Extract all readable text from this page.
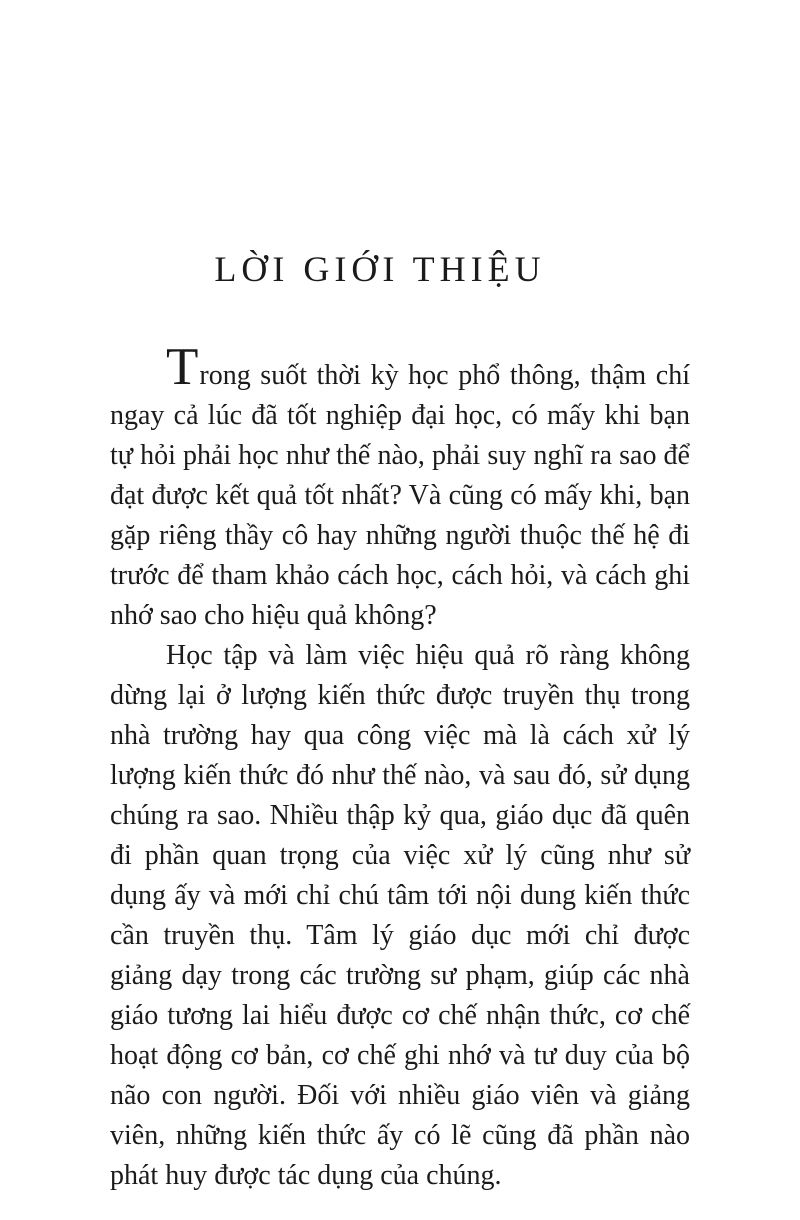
LỜI GIỚI THIỆU

Trong suốt thời kỳ học phổ thông, thậm chí ngay cả lúc đã tốt nghiệp đại học, có mấy khi bạn tự hỏi phải học như thế nào, phải suy nghĩ ra sao để đạt được kết quả tốt nhất? Và cũng có mấy khi, bạn gặp riêng thầy cô hay những người thuộc thế hệ đi trước để tham khảo cách học, cách hỏi, và cách ghi nhớ sao cho hiệu quả không?

Học tập và làm việc hiệu quả rõ ràng không dừng lại ở lượng kiến thức được truyền thụ trong nhà trường hay qua công việc mà là cách xử lý lượng kiến thức đó như thế nào, và sau đó, sử dụng chúng ra sao. Nhiều thập kỷ qua, giáo dục đã quên đi phần quan trọng của việc xử lý cũng như sử dụng ấy và mới chỉ chú tâm tới nội dung kiến thức cần truyền thụ. Tâm lý giáo dục mới chỉ được giảng dạy trong các trường sư phạm, giúp các nhà giáo tương lai hiểu được cơ chế nhận thức, cơ chế hoạt động cơ bản, cơ chế ghi nhớ và tư duy của bộ não con người. Đối với nhiều giáo viên và giảng viên, những kiến thức ấy có lẽ cũng đã phần nào phát huy được tác dụng của chúng.
